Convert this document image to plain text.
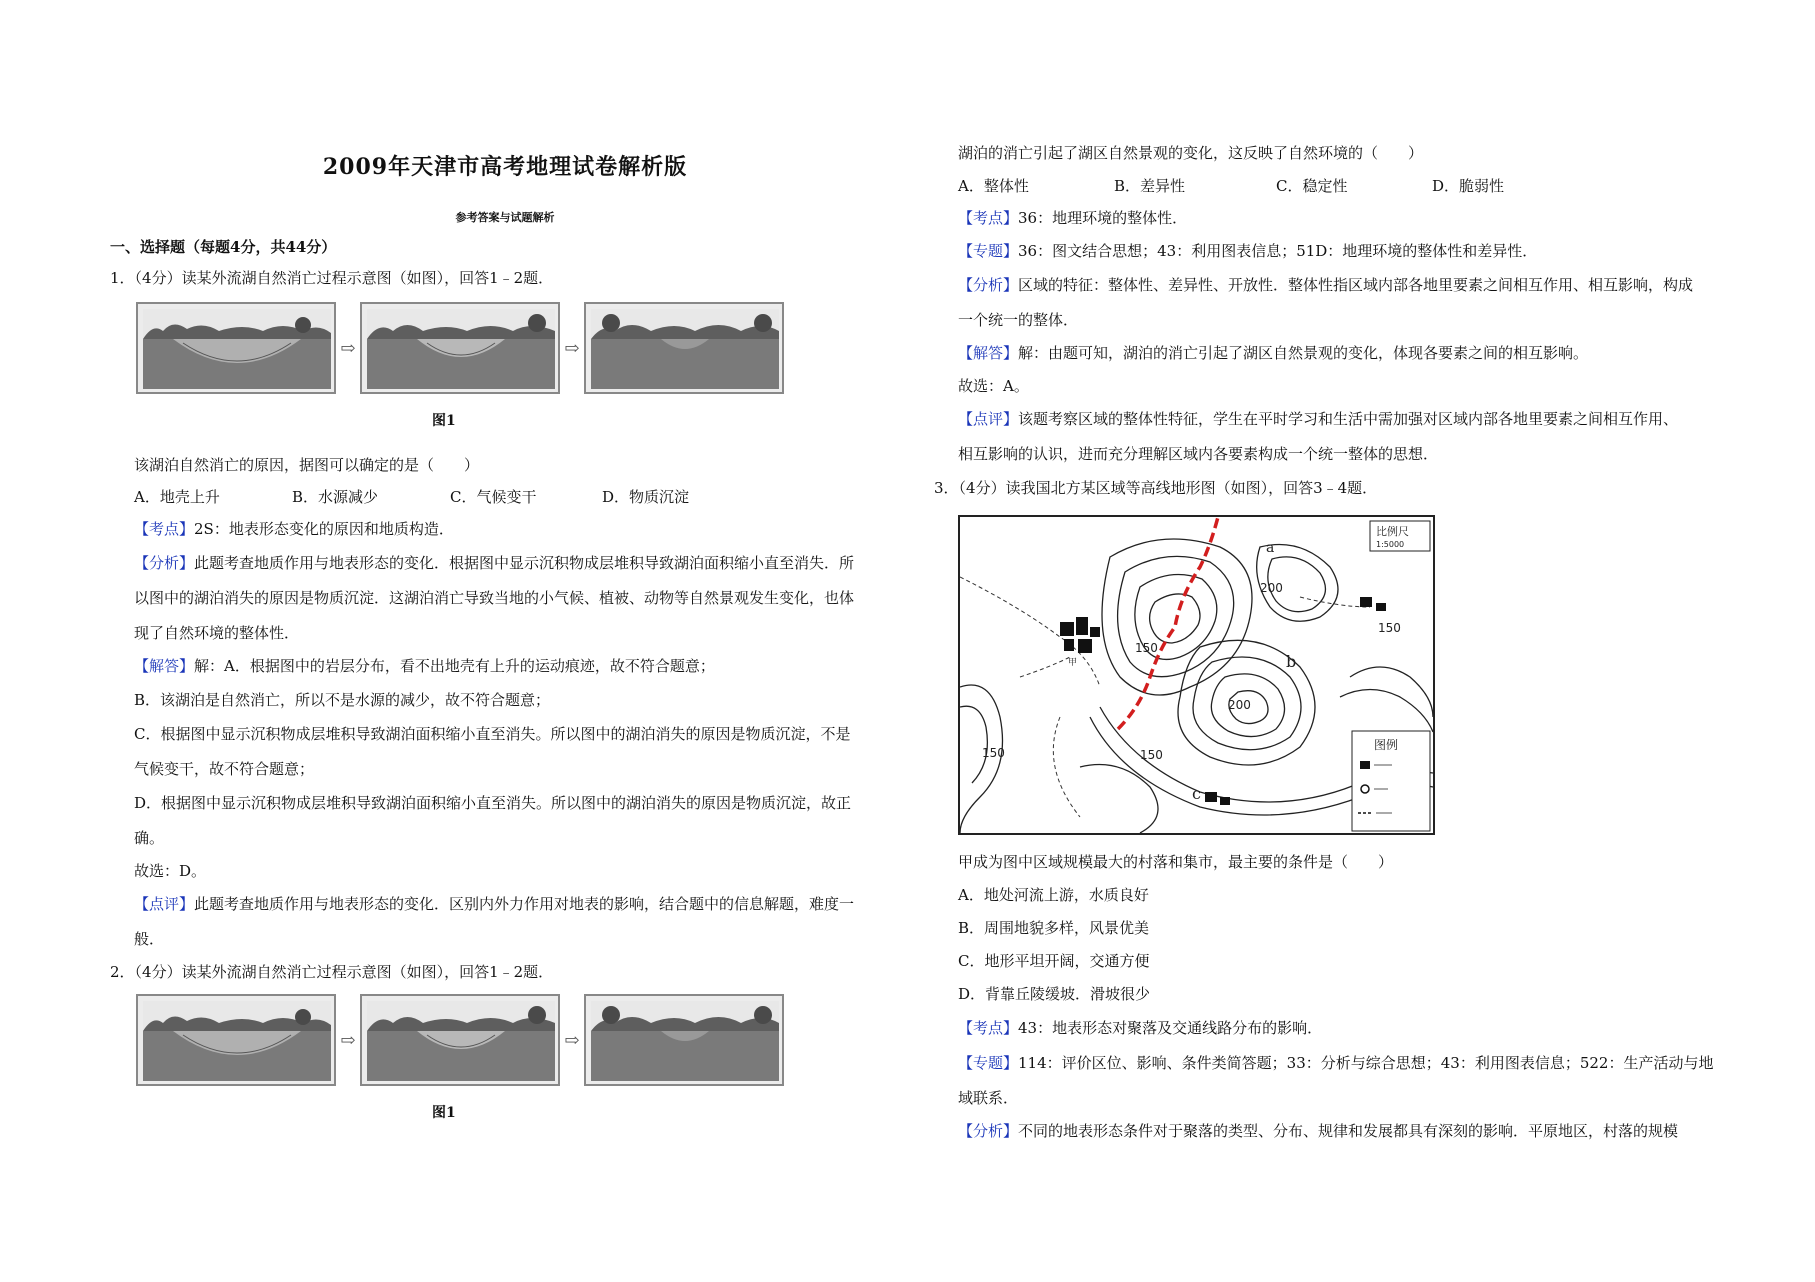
2009年天津市高考地理试卷解析版
参考答案与试题解析
一、选择题（每题4分，共44分）
1．（4分）读某外流湖自然消亡过程示意图（如图），回答1﹣2题．
⇨	⇨
图1
该湖泊自然消亡的原因，据图可以确定的是（　　）
A．地壳上升	B．水源减少	C．气候变干	D．物质沉淀
【考点】2S：地表形态变化的原因和地质构造．
【分析】此题考查地质作用与地表形态的变化．根据图中显示沉积物成层堆积导致湖泊面积缩小直至消失．所
以图中的湖泊消失的原因是物质沉淀．这湖泊消亡导致当地的小气候、植被、动物等自然景观发生变化，也体
现了自然环境的整体性．
【解答】解：A．根据图中的岩层分布，看不出地壳有上升的运动痕迹，故不符合题意；
B．该湖泊是自然消亡，所以不是水源的减少，故不符合题意；
C．根据图中显示沉积物成层堆积导致湖泊面积缩小直至消失。所以图中的湖泊消失的原因是物质沉淀，不是
气候变干，故不符合题意；
D．根据图中显示沉积物成层堆积导致湖泊面积缩小直至消失。所以图中的湖泊消失的原因是物质沉淀，故正
确。
故选：D。
【点评】此题考查地质作用与地表形态的变化．区别内外力作用对地表的影响，结合题中的信息解题，难度一
般．
2．（4分）读某外流湖自然消亡过程示意图（如图），回答1﹣2题．
⇨	⇨
图1
湖泊的消亡引起了湖区自然景观的变化，这反映了自然环境的（　　）
A．整体性	B．差异性	C．稳定性	D．脆弱性
【考点】36：地理环境的整体性．
【专题】36：图文结合思想；43：利用图表信息；51D：地理环境的整体性和差异性．
【分析】区域的特征：整体性、差异性、开放性．整体性指区域内部各地里要素之间相互作用、相互影响，构成
一个统一的整体．
【解答】解：由题可知，湖泊的消亡引起了湖区自然景观的变化，体现各要素之间的相互影响。
故选：A。
【点评】该题考察区域的整体性特征，学生在平时学习和生活中需加强对区域内部各地里要素之间相互作用、
相互影响的认识，进而充分理解区域内各要素构成一个统一整体的思想．
3．（4分）读我国北方某区域等高线地形图（如图），回答3﹣4题．
甲
150
200
200
150
150
150
a
b
c
比例尺
1:5000
图例
甲成为图中区域规模最大的村落和集市，最主要的条件是（　　）
A．地处河流上游，水质良好
B．周围地貌多样，风景优美
C．地形平坦开阔，交通方便
D．背靠丘陵缓坡．滑坡很少
【考点】43：地表形态对聚落及交通线路分布的影响．
【专题】114：评价区位、影响、条件类简答题；33：分析与综合思想；43：利用图表信息；522：生产活动与地
域联系．
【分析】不同的地表形态条件对于聚落的类型、分布、规律和发展都具有深刻的影响．平原地区，村落的规模
